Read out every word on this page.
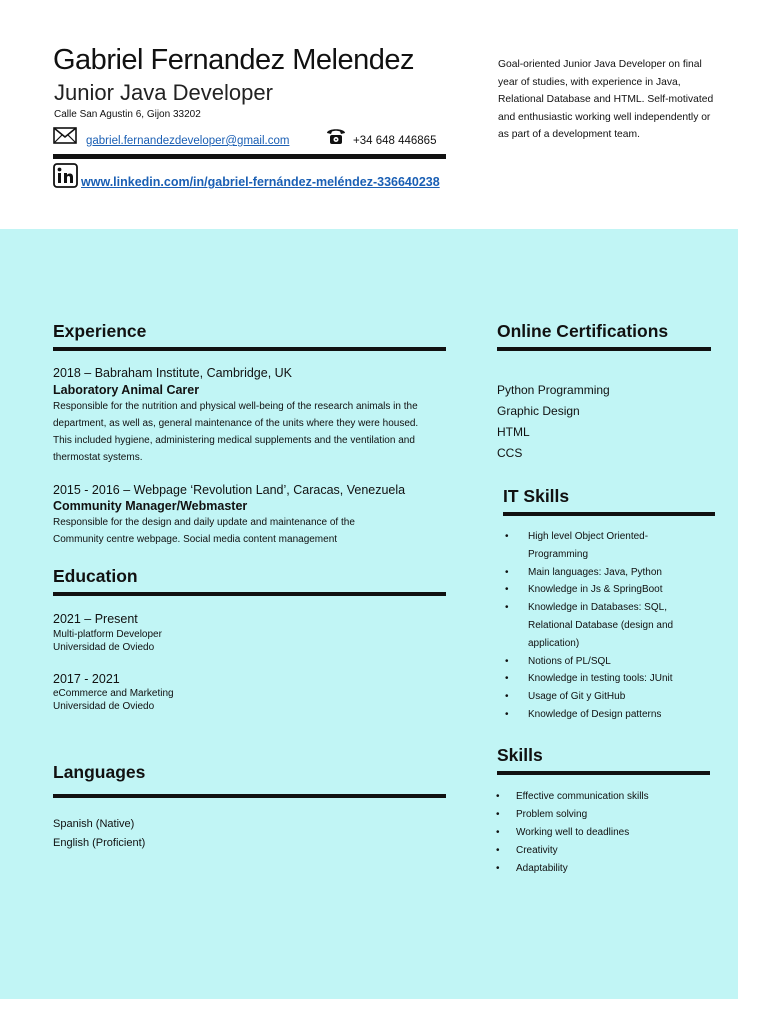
Gabriel Fernandez Melendez
Junior Java Developer
Calle San Agustin 6, Gijon 33202
gabriel.fernandezdeveloper@gmail.com	+34 648 446865
www.linkedin.com/in/gabriel-fernández-meléndez-336640238
Goal-oriented Junior Java Developer on final year of studies, with experience in Java, Relational Database and HTML. Self-motivated and enthusiastic working well independently or as part of a development team.
Experience
2018 – Babraham Institute, Cambridge, UK
Laboratory Animal Carer
Responsible for the nutrition and physical well-being of the research animals in the department, as well as, general maintenance of the units where they were housed. This included hygiene, administering medical supplements and the ventilation and thermostat systems.
2015 - 2016 – Webpage ‘Revolution Land’, Caracas, Venezuela
Community Manager/Webmaster
Responsible for the design and daily update and maintenance of the Community centre webpage. Social media content management
Education
2021 – Present
Multi-platform Developer
Universidad de Oviedo
2017 - 2021
eCommerce and Marketing
Universidad de Oviedo
Languages
Spanish (Native)
English (Proficient)
Online Certifications
Python Programming
Graphic Design
HTML
CCS
IT Skills
• High level Object Oriented-Programming
• Main languages: Java, Python
• Knowledge in Js & SpringBoot
• Knowledge in Databases: SQL, Relational Database (design and application)
• Notions of PL/SQL
• Knowledge in testing tools: JUnit
• Usage of Git y GitHub
• Knowledge of Design patterns
Skills
• Effective communication skills
• Problem solving
• Working well to deadlines
• Creativity
• Adaptability
